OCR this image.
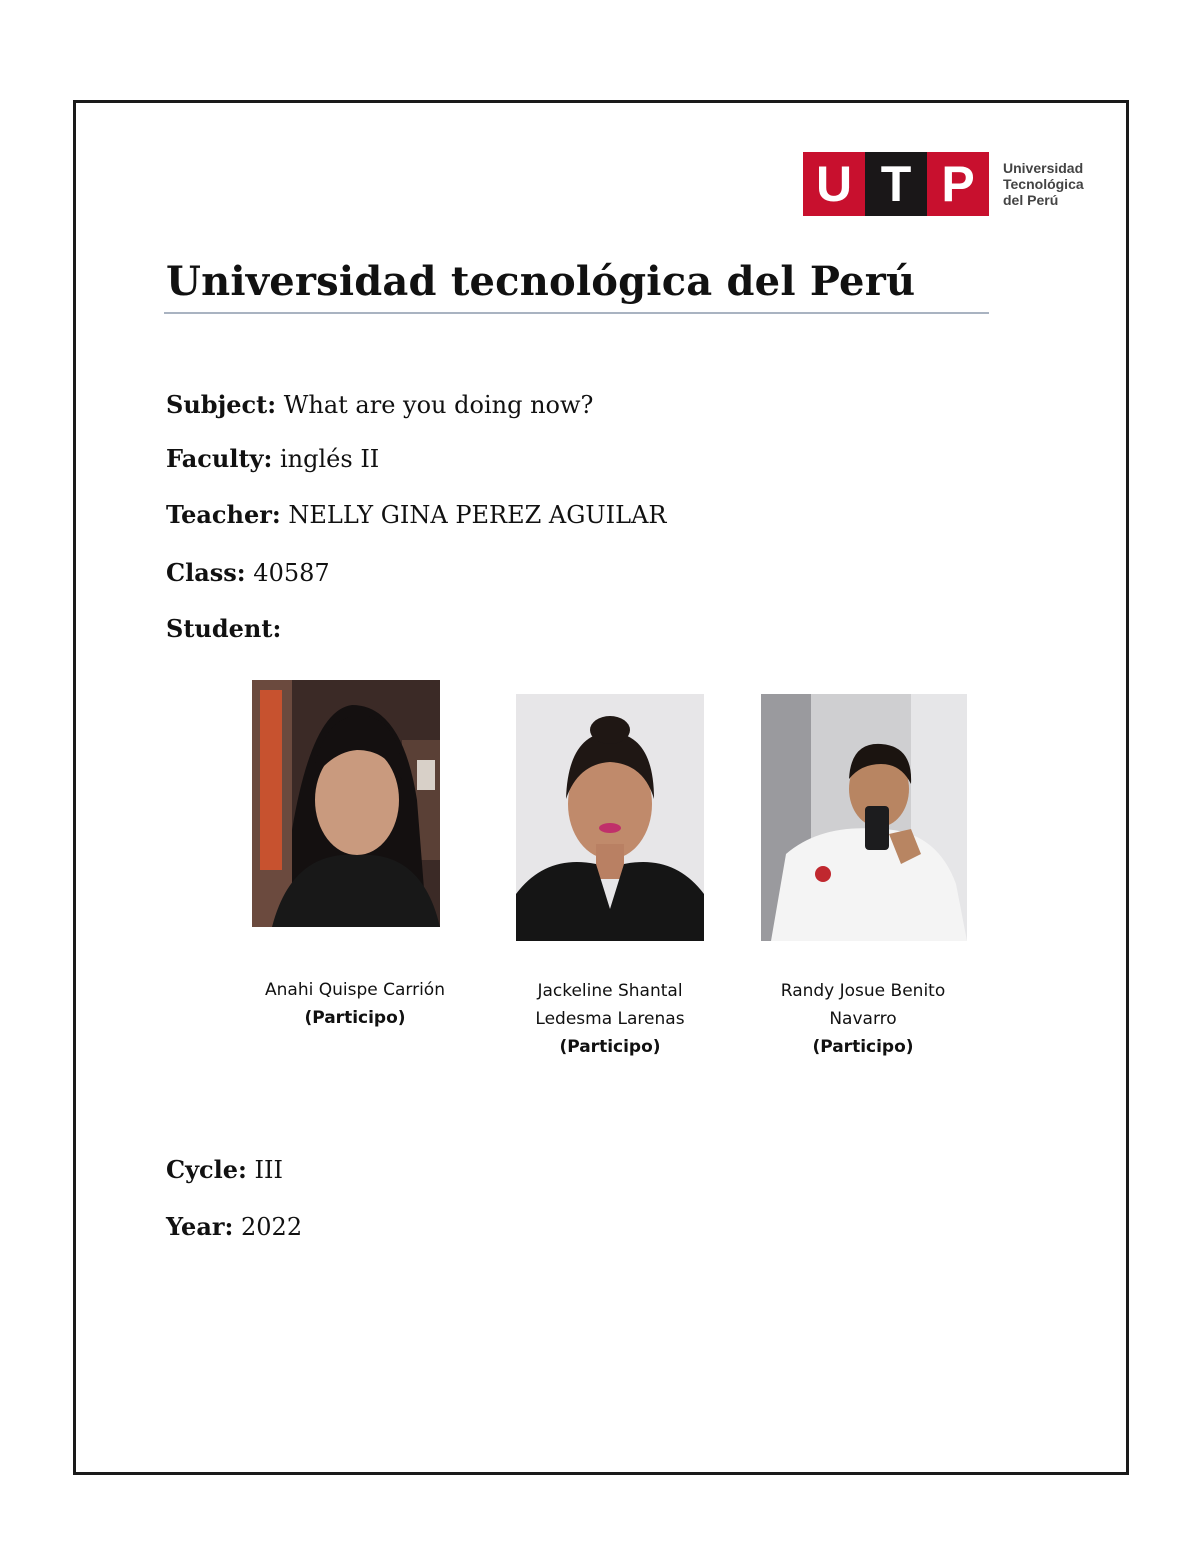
U T P	Universidad
Tecnológica
del Perú
Universidad tecnológica del Perú
Subject: What are you doing now?
Faculty: inglés II
Teacher: NELLY GINA PEREZ AGUILAR
Class: 40587
Student:
Anahi Quispe Carrión
(Participo)
Jackeline Shantal
Ledesma Larenas
(Participo)
Randy Josue Benito
Navarro
(Participo)
Cycle: III
Year: 2022
